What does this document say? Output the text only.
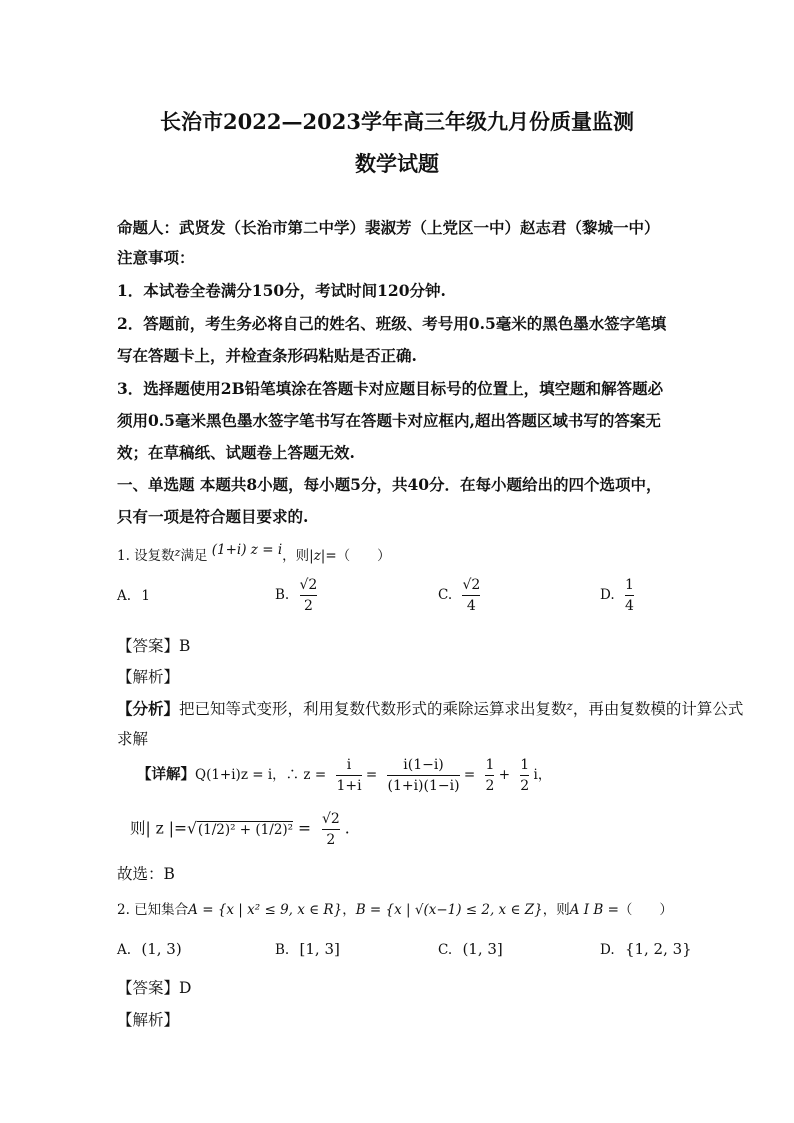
长治市2022—2023学年高三年级九月份质量监测
数学试题
命题人：武贤发（长治市第二中学）裴淑芳（上党区一中）赵志君（黎城一中）
注意事项：
1．本试卷全卷满分150分，考试时间120分钟.
2．答题前，考生务必将自己的姓名、班级、考号用0.5毫米的黑色墨水签字笔填
写在答题卡上，并检查条形码粘贴是否正确.
3．选择题使用2B铅笔填涂在答题卡对应题目标号的位置上，填空题和解答题必
须用0.5毫米黑色墨水签字笔书写在答题卡对应框内,超出答题区域书写的答案无
效；在草稿纸、试题卷上答题无效.
一、单选题 本题共8小题，每小题5分，共40分．在每小题给出的四个选项中，
只有一项是符合题目要求的.
1. 设复数$^z$满足 (1+i) z = i，则|z|=（　　）
A. 1	B. $\frac{√2}{2}$	C. $\frac{√2}{4}$	D. $\frac{1}{4}$
【答案】B
【解析】
【分析】把已知等式变形，利用复数代数形式的乘除运算求出复数$^z$，再由复数模的计算公式
求解
【详解】Q(1+i)z = i，∴ $z = \frac{i}{1+i} = \frac{i(1-i)}{(1+i)(1-i)} = \frac{1}{2} + \frac{1}{2}$ i，
则| z $|=√(1/2)^2 + (1/2)^2 = \frac{√2}{2}$ .
故选：B
2. 已知集合A = {x | x² ≤ 9, x ∈ R}，B = {x | √(x−1) ≤ 2, x ∈ Z}，则A I B =（　　）
A. (1, 3)	B. [1, 3]	C. (1, 3]	D. {1, 2, 3}
【答案】D
【解析】
